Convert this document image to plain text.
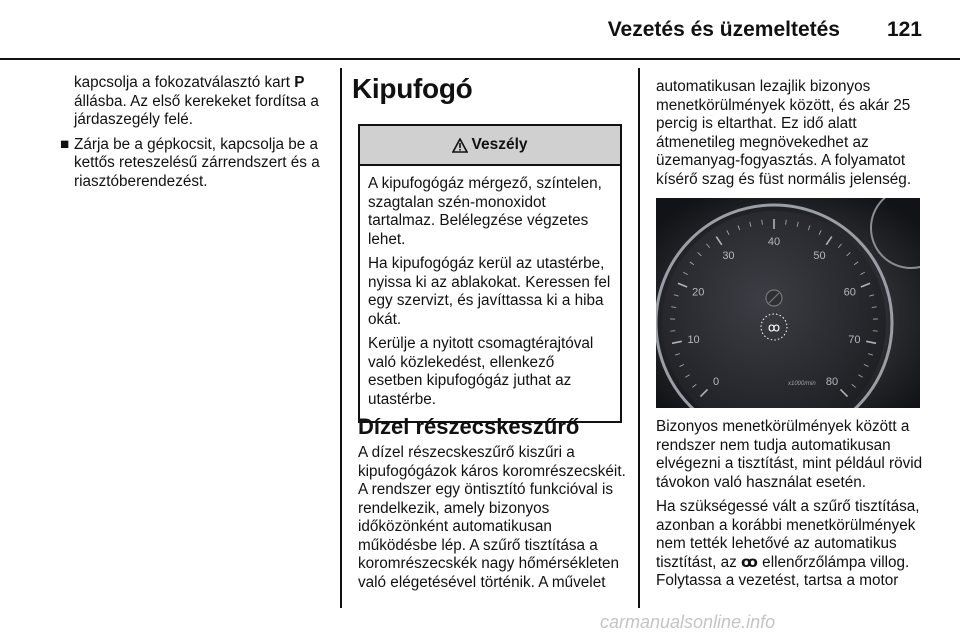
Vezetés és üzemeltetés	121

kapcsolja a fokozatválasztó kart P
állásba. Az első kerekeket fordítsa a járdaszegély felé.

■ Zárja be a gépkocsit, kapcsolja be a kettős reteszelésű zárrendszert és a riasztóberendezést.
Kipufogó
Veszély

A kipufogógáz mérgező, színtelen, szagtalan szén-monoxidot tartalmaz. Belélegzése végzetes lehet.

Ha kipufogógáz kerül az utastérbe, nyissa ki az ablakokat. Keressen fel egy szervizt, és javíttassa ki a hiba okát.

Kerülje a nyitott csomagtérajtóval való közlekedést, ellenkező esetben kipufogógáz juthat az utastérbe.

Dízel részecskeszűrő

A dízel részecskeszűrő kiszűri a kipufogógázok káros koromrészecskéit. A rendszer egy öntisztító funkcióval is rendelkezik, amely bizonyos időközönként automatikusan működésbe lép. A szűrő tisztítása a koromrészecskék nagy hőmérsékleten való elégetésével történik. A művelet

automatikusan lezajlik bizonyos menetkörülmények között, és akár 25 percig is eltarthat. Ez idő alatt átmenetileg megnövekedhet az üzemanyag-fogyasztás. A folyamatot kísérő szag és füst normális jelenség.

0
10
20
30
40
50
60
70
80
ꝏ
x1000/min

Bizonyos menetkörülmények között a rendszer nem tudja automatikusan elvégezni a tisztítást, mint például rövid távokon való használat esetén.

Ha szükségessé vált a szűrő tisztítása, azonban a korábbi menetkörülmények nem tették lehetővé az automatikus tisztítást, az ꝏ ellenőrzőlámpa villog. Folytassa a vezetést, tartsa a motor

carmanualsonline.info
